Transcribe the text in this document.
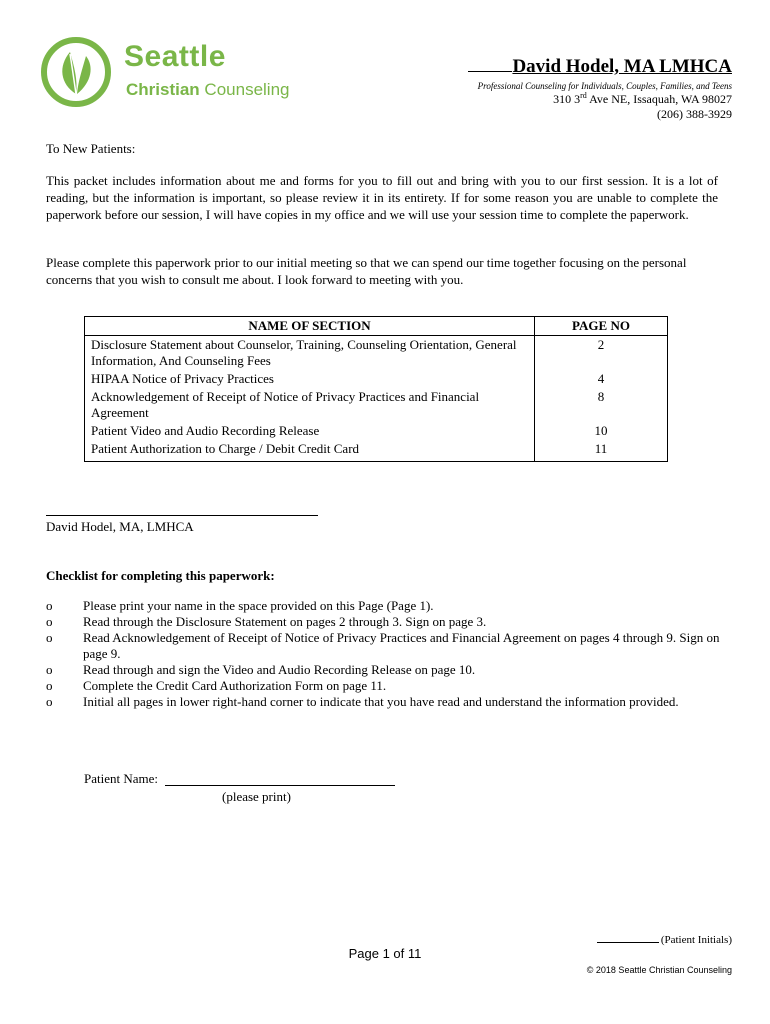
Seattle
Christian Counseling
David Hodel, MA LMHCA
Professional Counseling for Individuals, Couples, Families, and Teens
310 3rd Ave NE, Issaquah, WA 98027
(206) 388-3929
To New Patients:
This packet includes information about me and forms for you to fill out and bring with you to our first session. It is a lot of reading, but the information is important, so please review it in its entirety. If for some reason you are unable to complete the paperwork before our session, I will have copies in my office and we will use your session time to complete the paperwork.
Please complete this paperwork prior to our initial meeting so that we can spend our time together focusing on the personal concerns that you wish to consult me about. I look forward to meeting with you.
NAME OF SECTION	PAGE NO
Disclosure Statement about Counselor, Training, Counseling Orientation, General Information, And Counseling Fees	2
HIPAA Notice of Privacy Practices	4
Acknowledgement of Receipt of Notice of Privacy Practices and Financial Agreement	8
Patient Video and Audio Recording Release	10
Patient Authorization to Charge / Debit Credit Card	11
David Hodel, MA, LMHCA
Checklist for completing this paperwork:
o	Please print your name in the space provided on this Page (Page 1).
o	Read through the Disclosure Statement on pages 2 through 3. Sign on page 3.
o	Read Acknowledgement of Receipt of Notice of Privacy Practices and Financial Agreement on pages 4 through 9. Sign on page 9.
o	Read through and sign the Video and Audio Recording Release on page 10.
o	Complete the Credit Card Authorization Form on page 11.
o	Initial all pages in lower right-hand corner to indicate that you have read and understand the information provided.
Patient Name:
(please print)
(Patient Initials)
Page 1 of 11
© 2018 Seattle Christian Counseling
